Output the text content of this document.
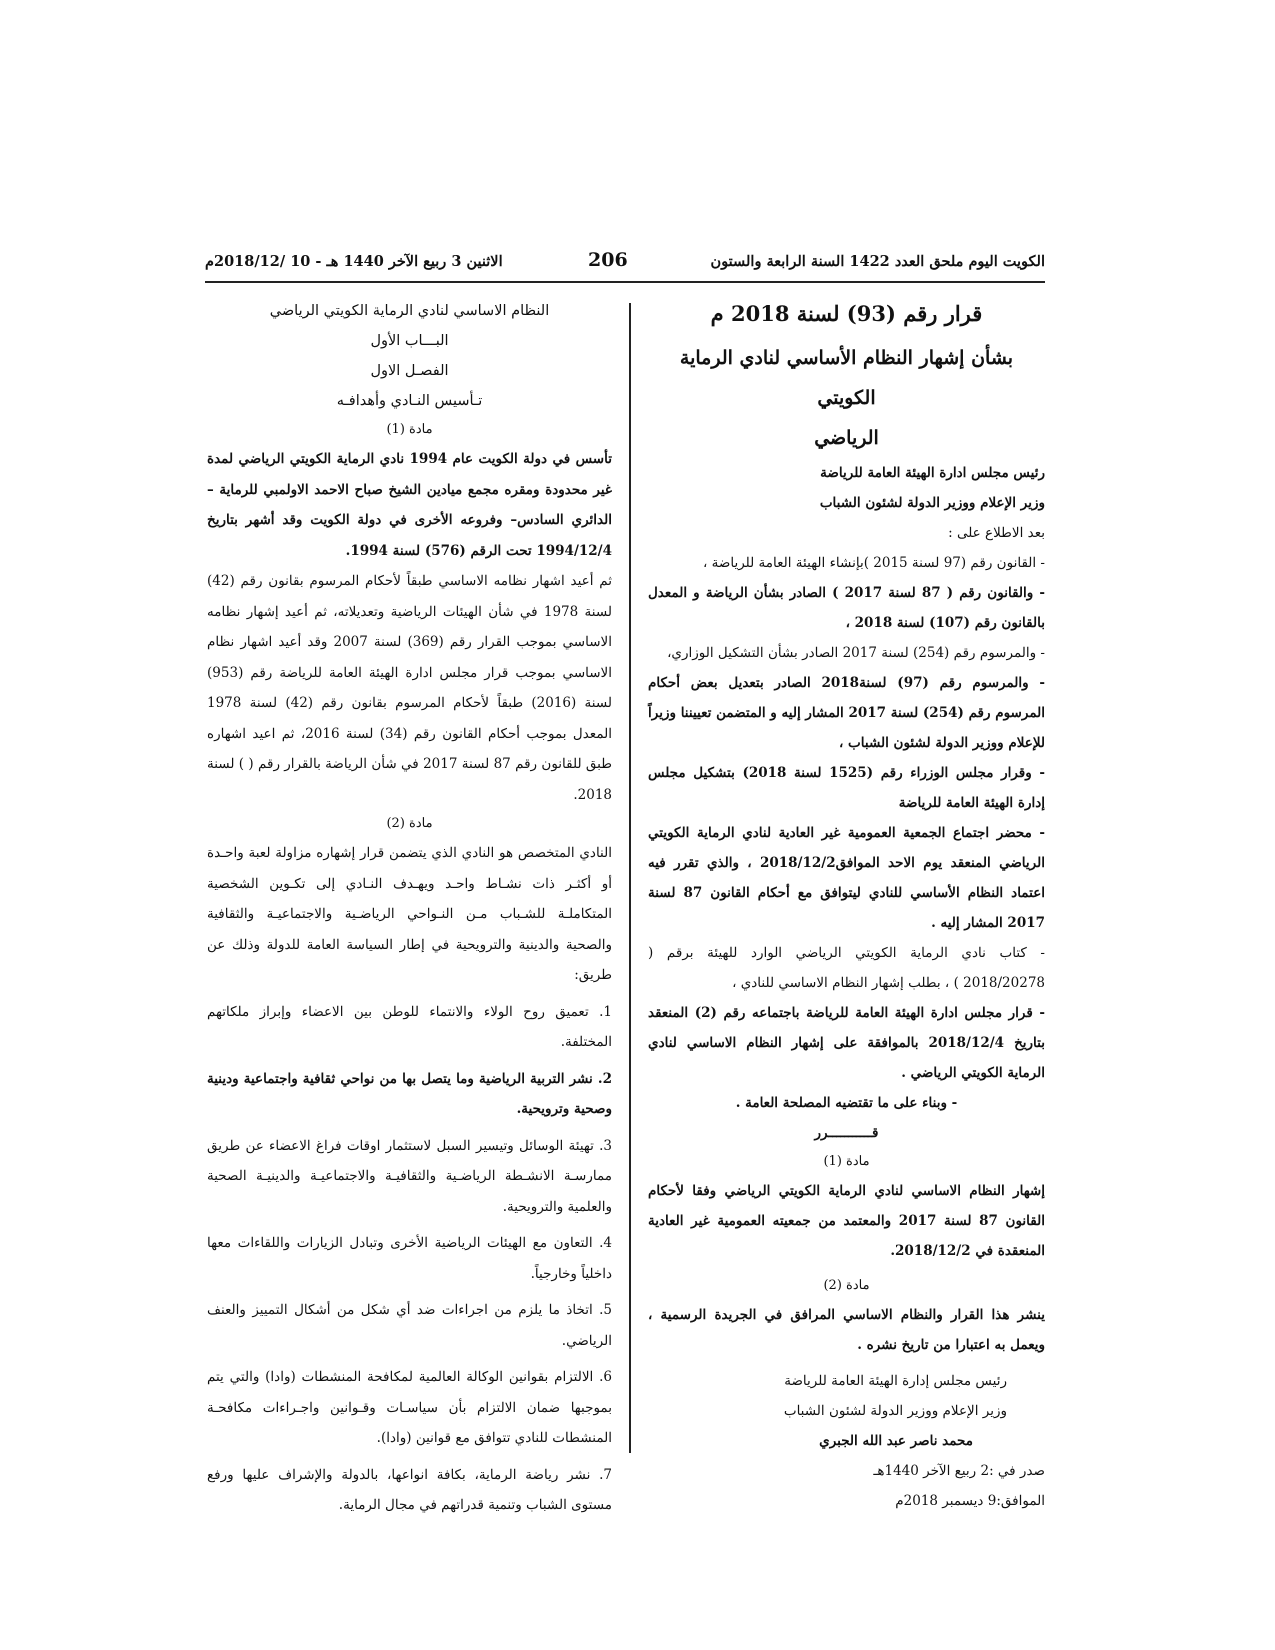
الكويت اليوم ملحق العدد 1422 السنة الرابعة والستون
206
الاثنين 3 ربيع الآخر 1440 هـ - 10 /2018/12م

قرار رقم (93) لسنة 2018 م

بشأن إشهار النظام الأساسي لنادي الرماية الكويتي

الرياضي

رئيس مجلس ادارة الهيئة العامة للرياضة

وزير الإعلام ووزير الدولة لشئون الشباب

بعد الاطلاع على :

- القانون رقم (97 لسنة 2015 )بإنشاء الهيئة العامة للرياضة ،

- والقانون رقم ( 87 لسنة 2017 ) الصادر بشأن الرياضة و المعدل بالقانون رقم (107) لسنة 2018 ،

- والمرسوم رقم (254) لسنة 2017 الصادر بشأن التشكيل الوزاري،

- والمرسوم رقم (97) لسنة2018 الصادر بتعديل بعض أحكام المرسوم رقم (254) لسنة 2017 المشار إليه و المتضمن تعييننا وزيراً للإعلام ووزير الدولة لشئون الشباب ،

- وقرار مجلس الوزراء رقم (1525 لسنة 2018) بتشكيل مجلس إدارة الهيئة العامة للرياضة

- محضر اجتماع الجمعية العمومية غير العادية لنادي الرماية الكويتي الرياضي المنعقد يوم الاحد الموافق2018/12/2 ، والذي تقرر فيه اعتماد النظام الأساسي للنادي ليتوافق مع أحكام القانون 87 لسنة 2017 المشار إليه .

- كتاب نادي الرماية الكويتي الرياضي الوارد للهيئة برقم ( 2018/20278 ) ، بطلب إشهار النظام الاساسي للنادي ،

- قرار مجلس ادارة الهيئة العامة للرياضة باجتماعه رقم (2) المنعقد بتاريخ 2018/12/4 بالموافقة على إشهار النظام الاساسي لنادي الرماية الكويتي الرياضي .

- وبناء على ما تقتضيه المصلحة العامة .

قـــــــــــرر

مادة (1)

إشهار النظام الاساسي لنادي الرماية الكويتي الرياضي وفقا لأحكام القانون 87 لسنة 2017 والمعتمد من جمعيته العمومية غير العادية المنعقدة في 2018/12/2.

مادة (2)

ينشر هذا القرار والنظام الاساسي المرافق في الجريدة الرسمية ، ويعمل به اعتبارا من تاريخ نشره .

رئيس مجلس إدارة الهيئة العامة للرياضة

وزير الإعلام ووزير الدولة لشئون الشباب

محمد ناصر عبد الله الجبري

صدر في :2 ربيع الآخر 1440هـ

الموافق:9 ديسمبر 2018م

النظام الاساسي لنادي الرماية الكويتي الرياضي

البـــاب الأول

الفصـل الاول

تـأسيس النـادي وأهدافـه

مادة (1)

تأسس في دولة الكويت عام 1994 نادي الرماية الكويتي الرياضي لمدة غير محدودة ومقره مجمع ميادين الشيخ صباح الاحمد الاولمبي للرماية – الدائري السادس– وفروعه الأخرى في دولة الكويت وقد أشهر بتاريخ 1994/12/4 تحت الرقم (576) لسنة 1994.

ثم أعيد اشهار نظامه الاساسي طبقاً لأحكام المرسوم بقانون رقم (42) لسنة 1978 في شأن الهيئات الرياضية وتعديلاته، ثم أعيد إشهار نظامه الاساسي بموجب القرار رقم (369) لسنة 2007 وقد أعيد اشهار نظام الاساسي بموجب قرار مجلس ادارة الهيئة العامة للرياضة رقم (953) لسنة (2016) طبقاً لأحكام المرسوم بقانون رقم (42) لسنة 1978 المعدل بموجب أحكام القانون رقم (34) لسنة 2016، ثم اعيد اشهاره طبق للقانون رقم 87 لسنة 2017 في شأن الرياضة بالقرار رقم ( ) لسنة 2018.

مادة (2)

النادي المتخصص هو النادي الذي يتضمن قرار إشهاره مزاولة لعبة واحـدة أو أكثـر ذات نشـاط واحـد ويهـدف النـادي إلى تكـوين الشخصية المتكاملـة للشـباب مـن النـواحي الرياضـية والاجتماعيـة والثقافية والصحية والدينية والترويحية في إطار السياسة العامة للدولة وذلك عن طريق:

1. تعميق روح الولاء والانتماء للوطن بين الاعضاء وإبراز ملكاتهم المختلفة.

2. نشر التربية الرياضية وما يتصل بها من نواحي ثقافية واجتماعية ودينية وصحية وترويحية.

3. تهيئة الوسائل وتيسير السبل لاستثمار اوقات فراغ الاعضاء عن طريق ممارسـة الانشـطة الرياضـية والثقافيـة والاجتماعيـة والدينيـة الصحية والعلمية والترويحية.

4. التعاون مع الهيئات الرياضية الأخرى وتبادل الزيارات واللقاءات معها داخلياً وخارجياً.

5. اتخاذ ما يلزم من اجراءات ضد أي شكل من أشكال التمييز والعنف الرياضي.

6. الالتزام بقوانين الوكالة العالمية لمكافحة المنشطات (وادا) والتي يتم بموجبها ضمان الالتزام بأن سياسـات وقـوانين واجـراءات مكافحـة المنشطات للنادي تتوافق مع قوانين (وادا).

7. نشر رياضة الرماية، بكافة انواعها، بالدولة والإشراف عليها ورفع مستوى الشباب وتنمية قدراتهم في مجال الرماية.
